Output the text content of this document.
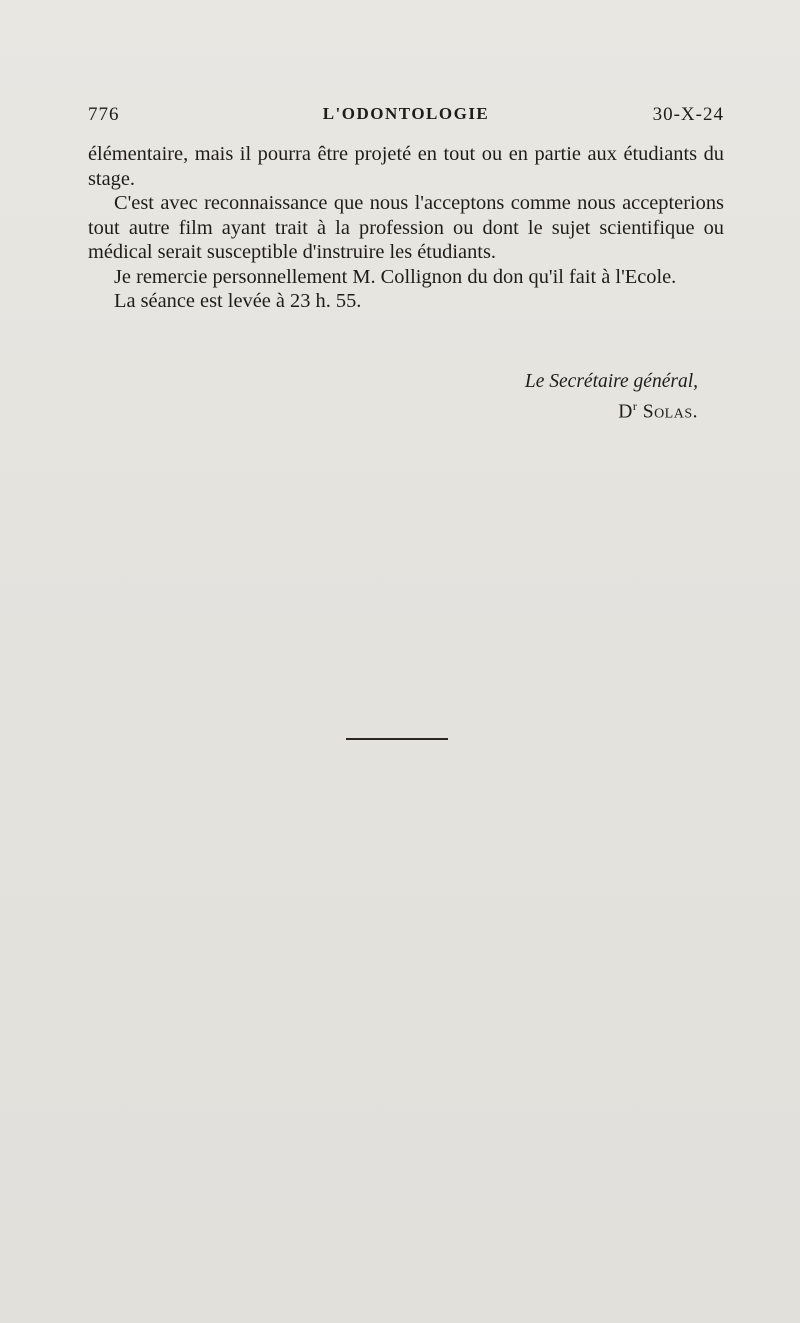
776	L'ODONTOLOGIE	30-X-24

élémentaire, mais il pourra être projeté en tout ou en partie aux étudiants du stage.

C'est avec reconnaissance que nous l'acceptons comme nous accepterions tout autre film ayant trait à la profession ou dont le sujet scientifique ou médical serait susceptible d'instruire les étudiants.

Je remercie personnellement M. Collignon du don qu'il fait à l'Ecole.

La séance est levée à 23 h. 55.

Le Secrétaire général,
$D^r$ Solas.
